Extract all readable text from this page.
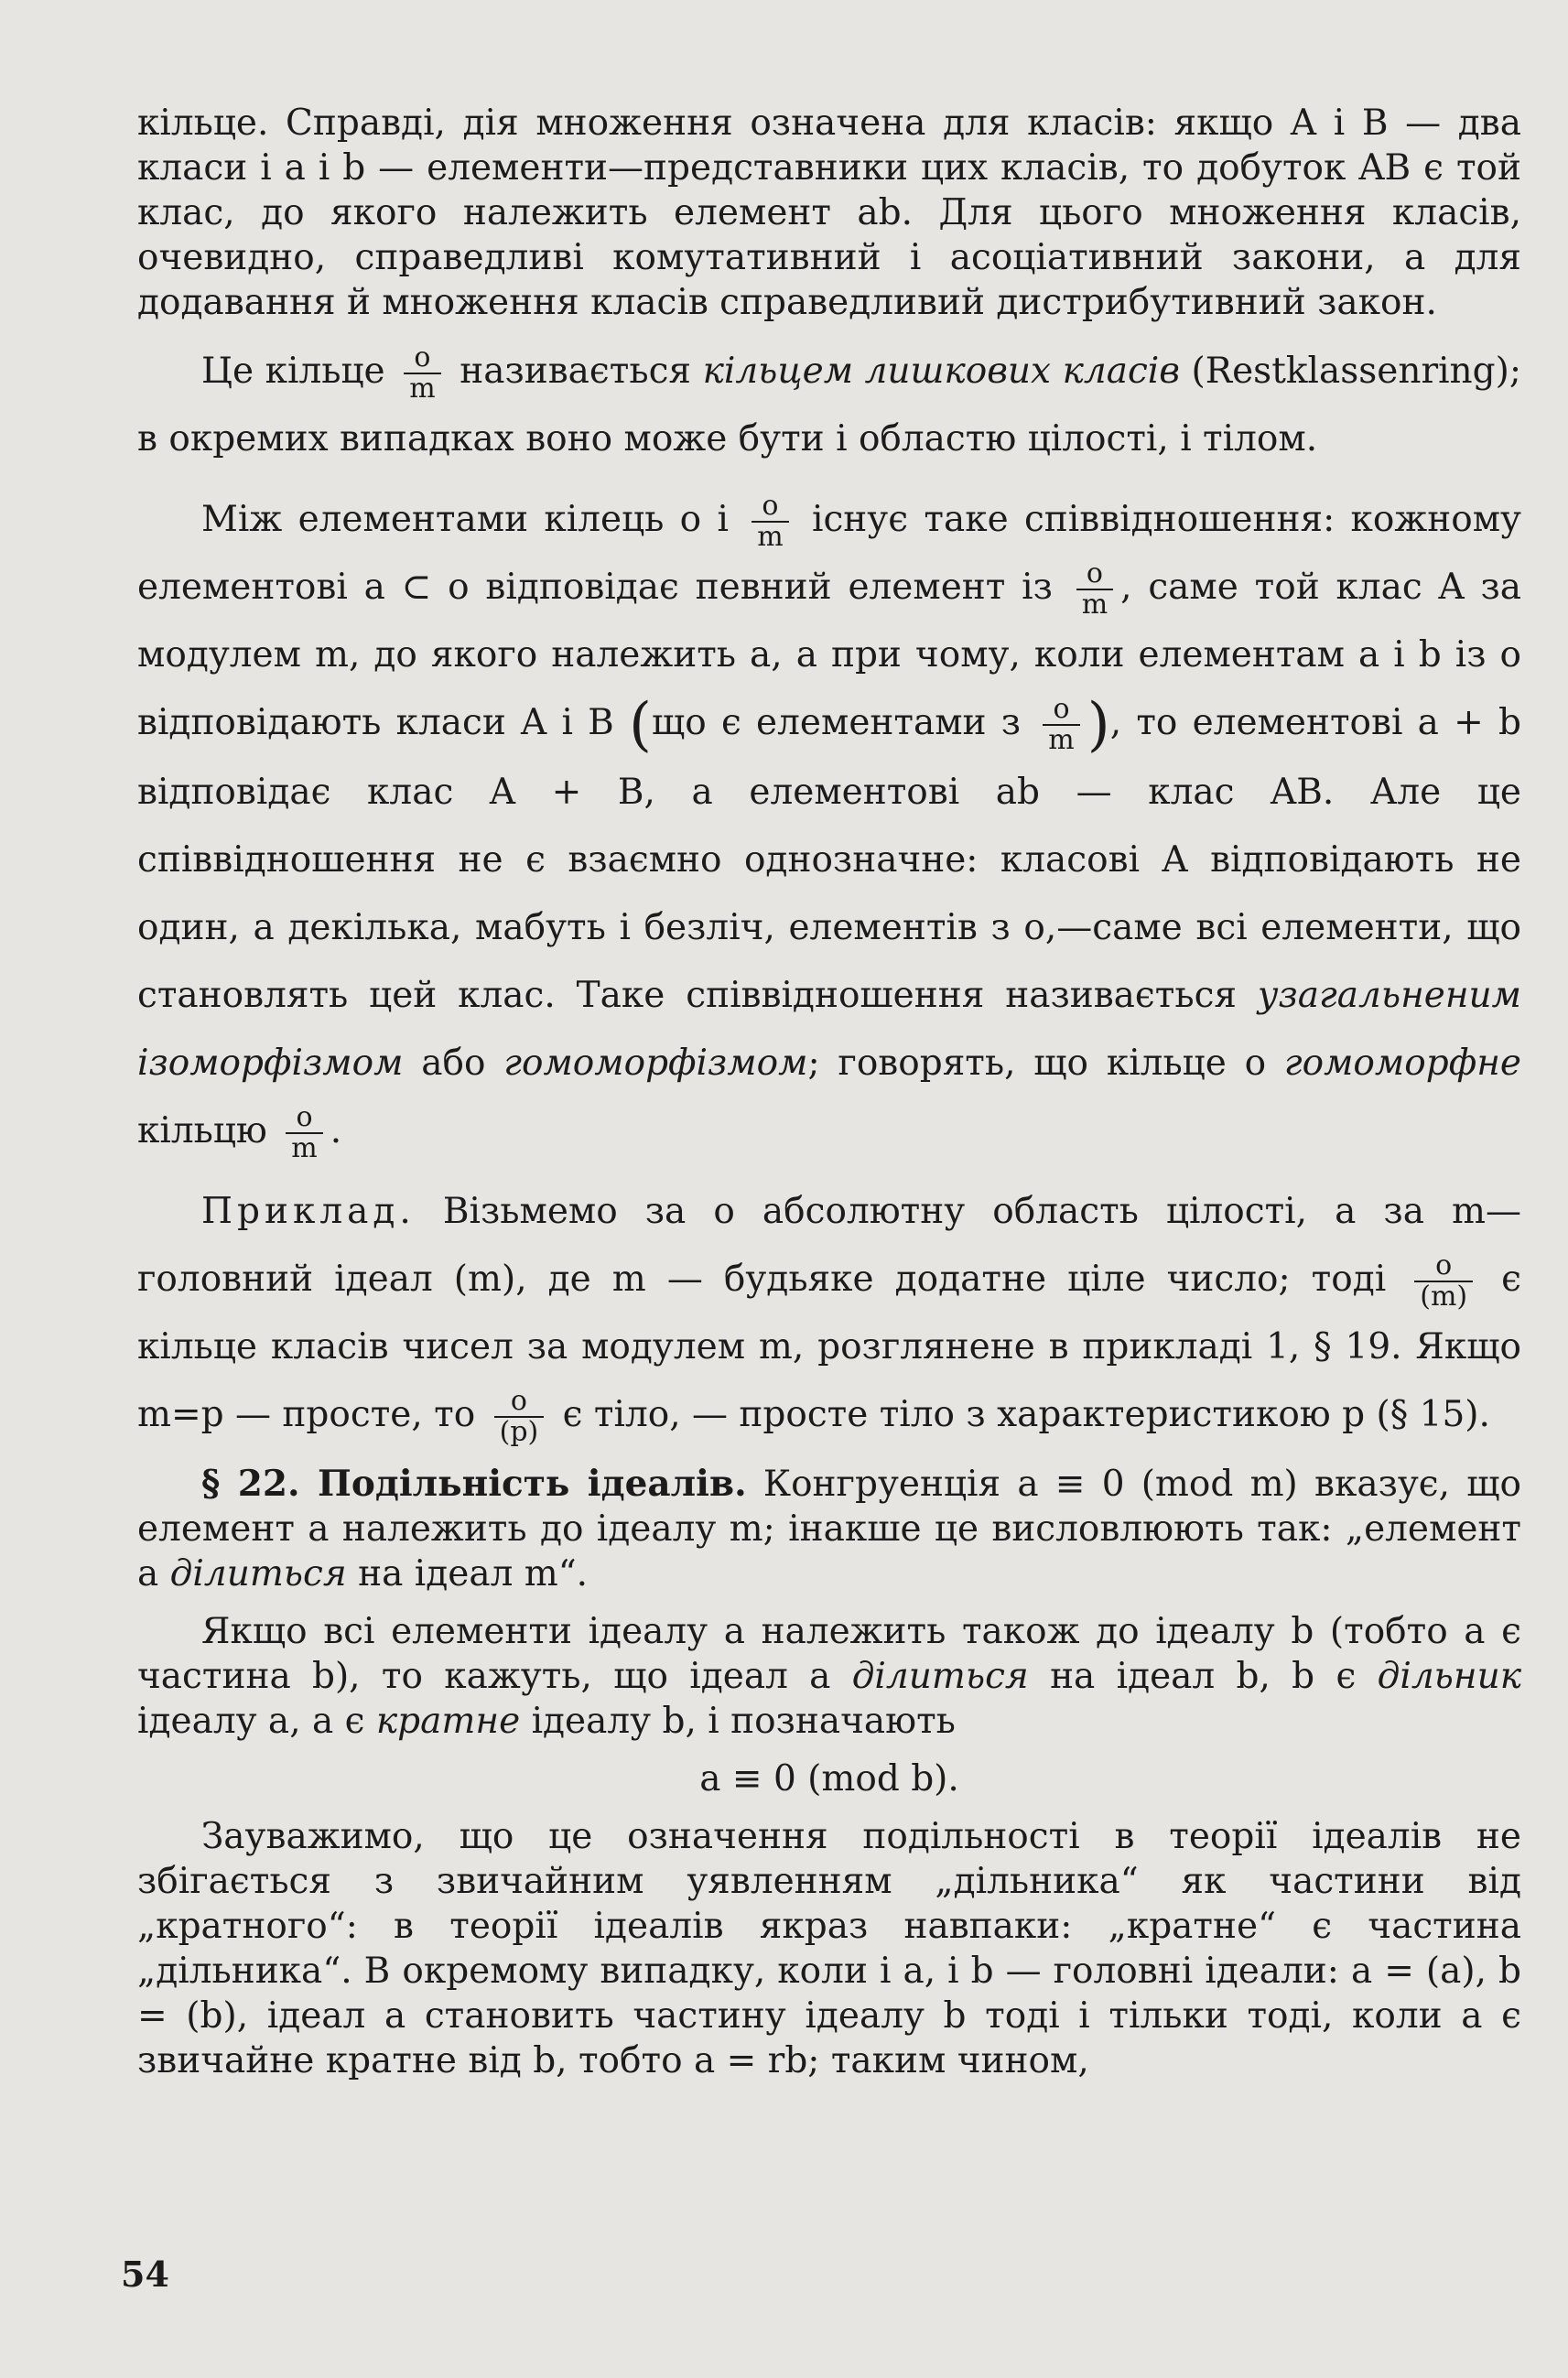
кільце. Справді, дія множення означена для класів: якщо A і B — два класи і a і b — елементи—представники цих класів, то добуток AB є той клас, до якого належить елемент ab. Для цього множення класів, очевидно, справедливі комутативний і асоціативний закони, а для додавання й множення класів справедливий дистрибутивний закон.

Це кільце $\frac{o}{m}$ називається кільцем лишкових класів (Restklassenring); в окремих випадках воно може бути і областю цілості, і тілом.

Між елементами кілець о і $\frac{o}{m}$ існує таке співвідношення: кожному елементові a ⊂ о відповідає певний елемент із $\frac{o}{m}$ , саме той клас A за модулем m, до якого належить a, а при чому, коли елементам a і b із о відповідають класи A і B (що є елементами з $\frac{o}{m}$ ), то елементові a + b відповідає клас A + B, а елементові ab — клас AB. Але це співвідношення не є взаємно однозначне: класові A відповідають не один, а декілька, мабуть і безліч, елементів з о,—саме всі елементи, що становлять цей клас. Таке співвідношення називається узагальненим ізоморфізмом або гомоморфізмом; говорять, що кільце о гомоморфне кільцю $\frac{o}{m}$ .

Приклад. Візьмемо за о абсолютну область цілості, а за m—головний ідеал (m), де m — будьяке додатне ціле число; тоді $\frac{o}{(m)}$ є кільце класів чисел за модулем m, розглянене в прикладі 1, § 19. Якщо m=p — просте, то $\frac{o}{(p)}$ є тіло, — просте тіло з характеристикою p (§ 15).

§ 22. Подільність ідеалів. Конгруенція a ≡ 0 (mod m) вказує, що елемент a належить до ідеалу m; інакше це висловлюють так: „елемент a ділиться на ідеал m“.

Якщо всі елементи ідеалу a належить також до ідеалу b (тобто a є частина b), то кажуть, що ідеал a ділиться на ідеал b, b є дільник ідеалу a, a є кратне ідеалу b, і позначають

a ≡ 0 (mod b).

Зауважимо, що це означення подільності в теорії ідеалів не збігається з звичайним уявленням „дільника“ як частини від „кратного“: в теорії ідеалів якраз навпаки: „кратне“ є частина „дільника“. В окремому випадку, коли і a, і b — головні ідеали: a = (a), b = (b), ідеал a становить частину ідеалу b тоді і тільки тоді, коли a є звичайне кратне від b, тобто a = rb; таким чином,

54
